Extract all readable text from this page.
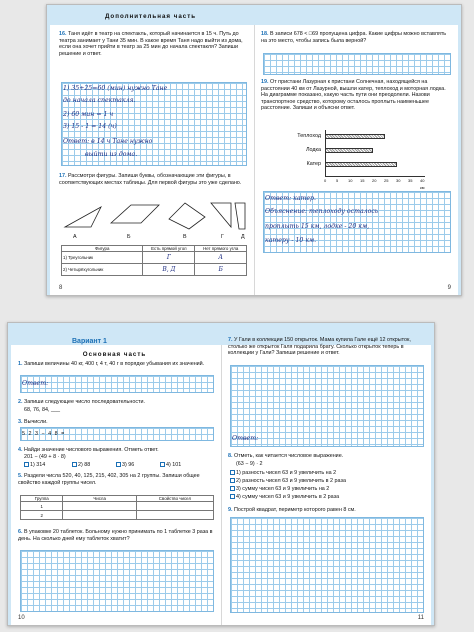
Дополнительная часть
16. Таня идёт в театр на спектакль, который начинается в 15 ч. Путь до театра занимает у Тани 35 мин. В какое время Таня надо выйти из дома, если она хочет прийти в театр за 25 мин до начала спектакля? Запиши решение и ответ.
1) 35+25=60 (мин) нужно Тане
до начала спектакля.
2) 60 мин = 1 ч
3) 15 - 1 = 14 (ч)
Ответ: в 14 ч Тане нужно
выйти из дома.
17. Рассмотри фигуры. Запиши буквы, обозначающие эти фигуры, в соответствующих местах таблицы. Для первой фигуры это уже сделано.
А	Б	В	Г	Д
Фигура	Есть прямой угол	Нет прямого угла
1) Треугольник	Г	А
2) Четырёхугольник	В, Д	Б
8
18. В записи 678 < □69 пропущена цифра. Какие цифры можно вставлять на это место, чтобы запись была верной?
19. От пристани Лазурная к пристани Солнечная, находящейся на расстоянии 40 км от Лазурной, вышли катер, теплоход и моторная лодка. На диаграмме показано, какую часть пути они преодолели. Назови транспортное средство, которому осталось проплыть наименьшее расстояние. Запиши и объясни ответ.
Теплоход
Лодка
Катер
0 5 10 15 20 25 30 35 40 км
Ответ: катер.
Объяснение: теплоходу осталось
проплыть 15 км, лодке - 20 км,
катеру - 10 км.
9
Вариант 1
Основная часть
1. Запиши величины 40 кг, 400 г, 4 т, 40 г в порядке убывания их значений.
Ответ:
2. Запиши следующее число последовательности.
68, 76, 84, ___
3. Вычисли.
5 2 3 − 4 8 =
4. Найди значение числового выражения. Отметь ответ.
201 − (49 + 8 · 8)
1) 314	2) 88	3) 96	4) 101
5. Раздели числа 520, 40, 125, 215, 402, 305 на 2 группы. Запиши общее свойство каждой группы чисел.
Группа	Числа	Свойство чисел
1		
2		
6. В упаковке 20 таблеток. Больному нужно принимать по 1 таблетке 3 раза в день. На сколько дней ему таблеток хватит?
10
7. У Гали в коллекции 150 открыток. Мама купила Гале ещё 12 открыток, столько же открыток Галя подарила брату. Сколько открыток теперь в коллекции у Гали? Запиши решение и ответ.
Ответ:
8. Отметь, как читается числовое выражение.
(63 − 9) · 2
1) разность чисел 63 и 9 увеличить на 2
2) разность чисел 63 и 9 увеличить в 2 раза
3) сумму чисел 63 и 9 увеличить на 2
4) сумму чисел 63 и 9 увеличить в 2 раза
9. Построй квадрат, периметр которого равен 8 см.
11
